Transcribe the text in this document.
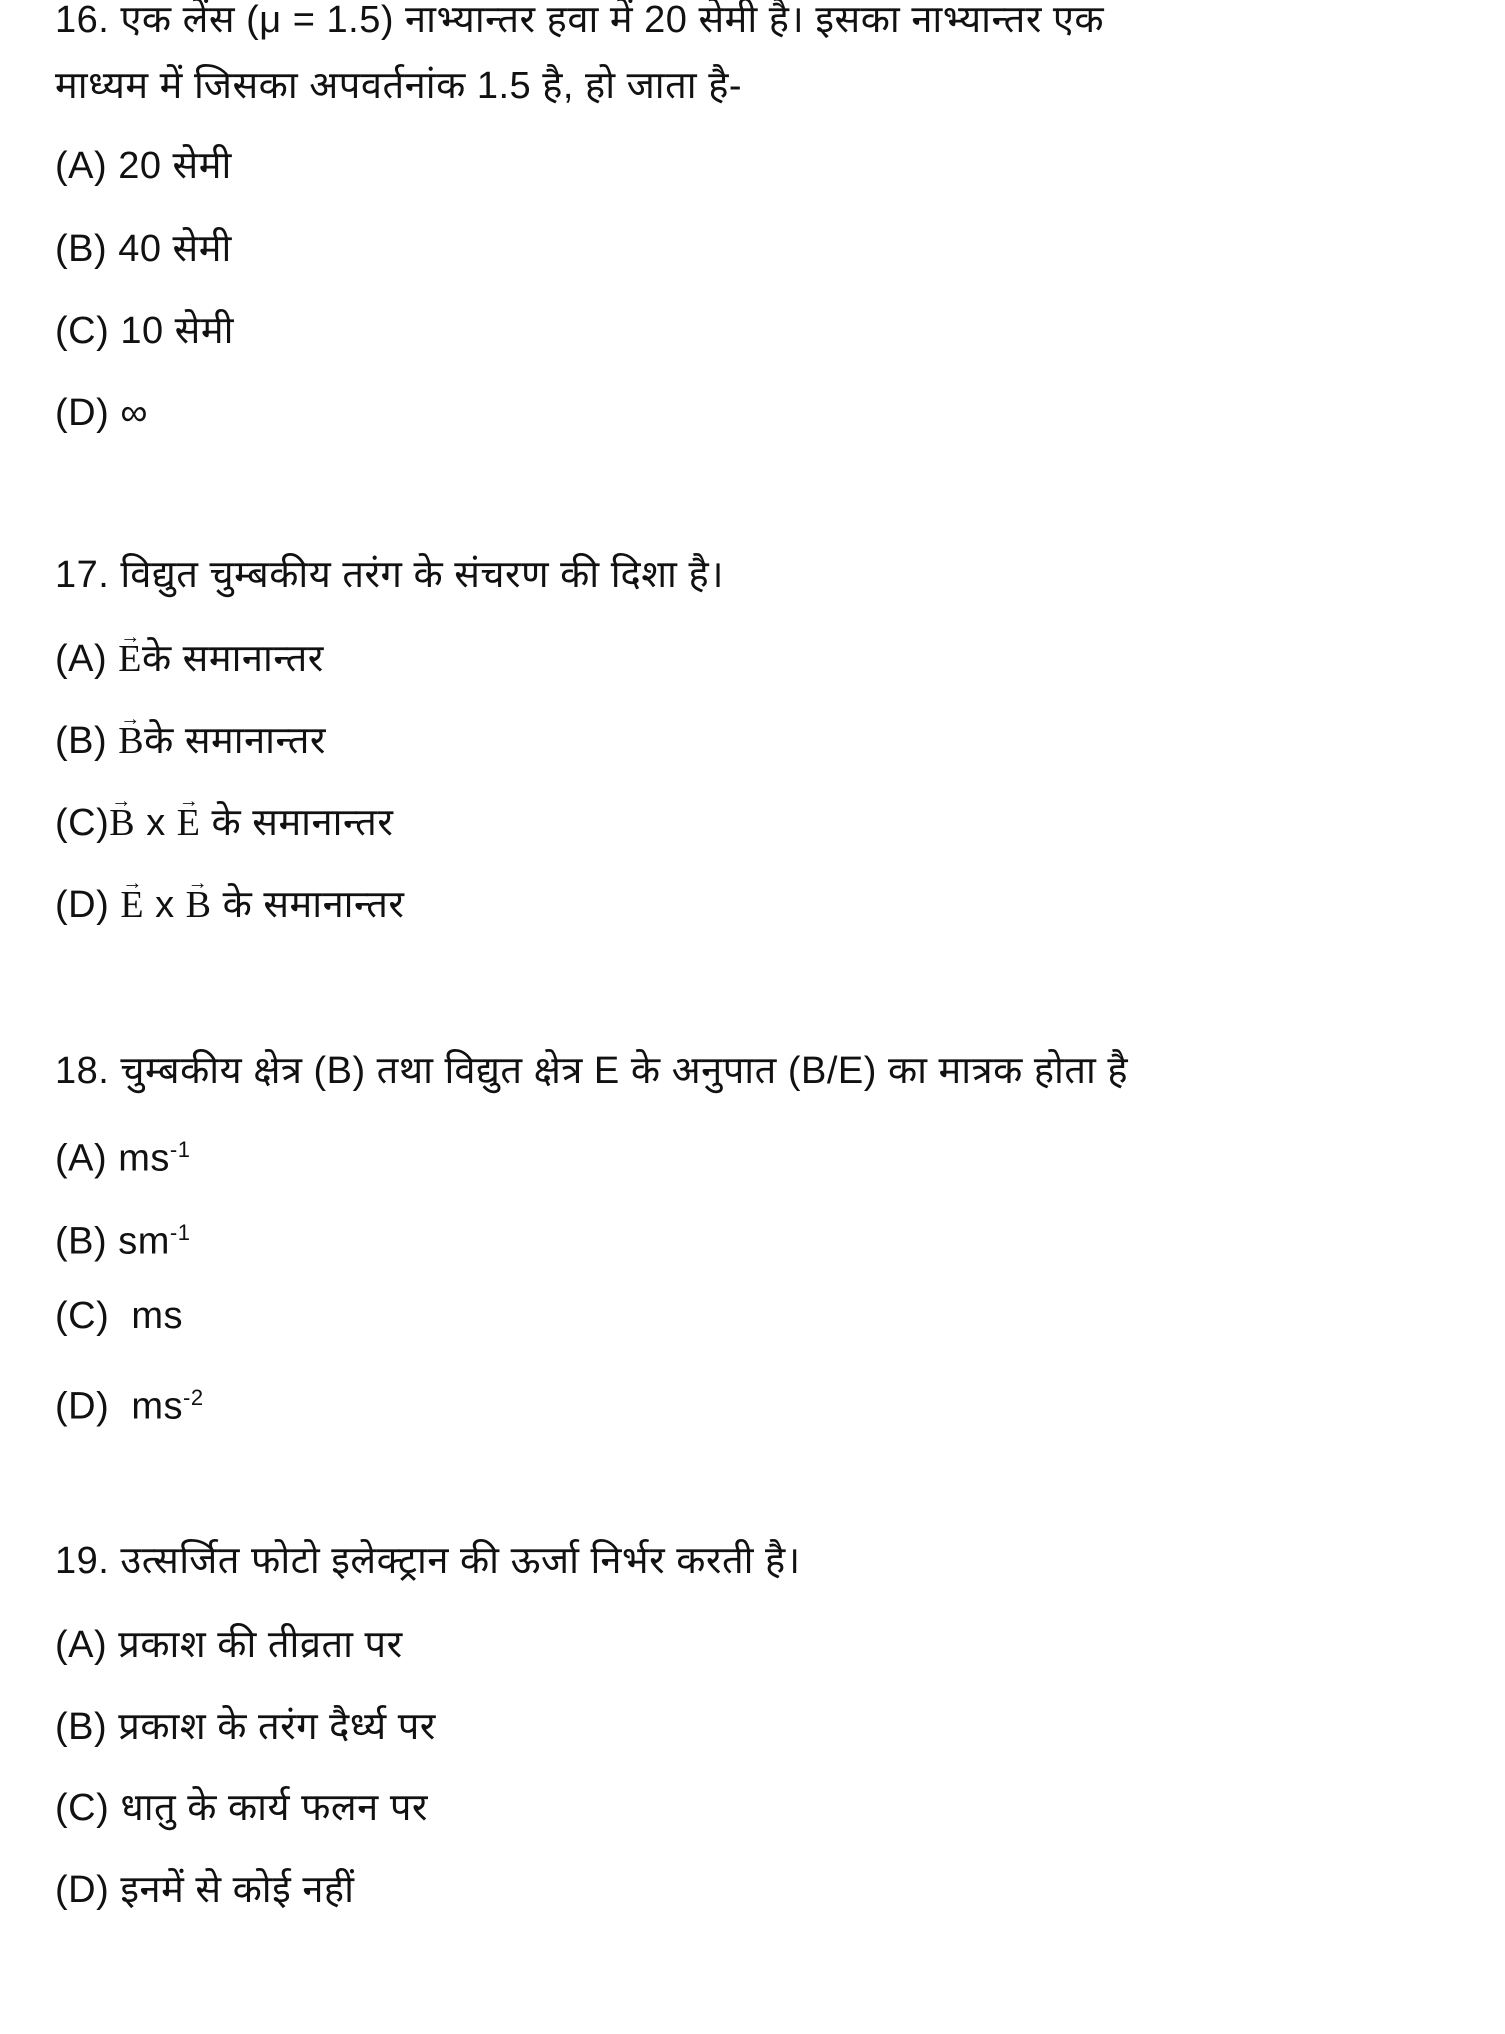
16. एक लेंस (μ = 1.5) नाभ्यान्तर हवा में 20 सेमी है। इसका नाभ्यान्तर एक
माध्यम में जिसका अपवर्तनांक 1.5 है, हो जाता है-
(A) 20 सेमी
(B) 40 सेमी
(C) 10 सेमी
(D) ∞
17. विद्युत चुम्बकीय तरंग के संचरण की दिशा है।
(A) → Eके समानान्तर
(B) → Bके समानान्तर
(C)→ B x → E के समानान्तर
(D) → E x → B के समानान्तर
18. चुम्बकीय क्षेत्र (B) तथा विद्युत क्षेत्र E के अनुपात (B/E) का मात्रक होता है
(A) $ms^{-1}$
(B) $sm^{-1}$
(C) ms
(D) $ms^{-2}$
19. उत्सर्जित फोटो इलेक्ट्रान की ऊर्जा निर्भर करती है।
(A) प्रकाश की तीव्रता पर
(B) प्रकाश के तरंग दैर्ध्य पर
(C) धातु के कार्य फलन पर
(D) इनमें से कोई नहीं
